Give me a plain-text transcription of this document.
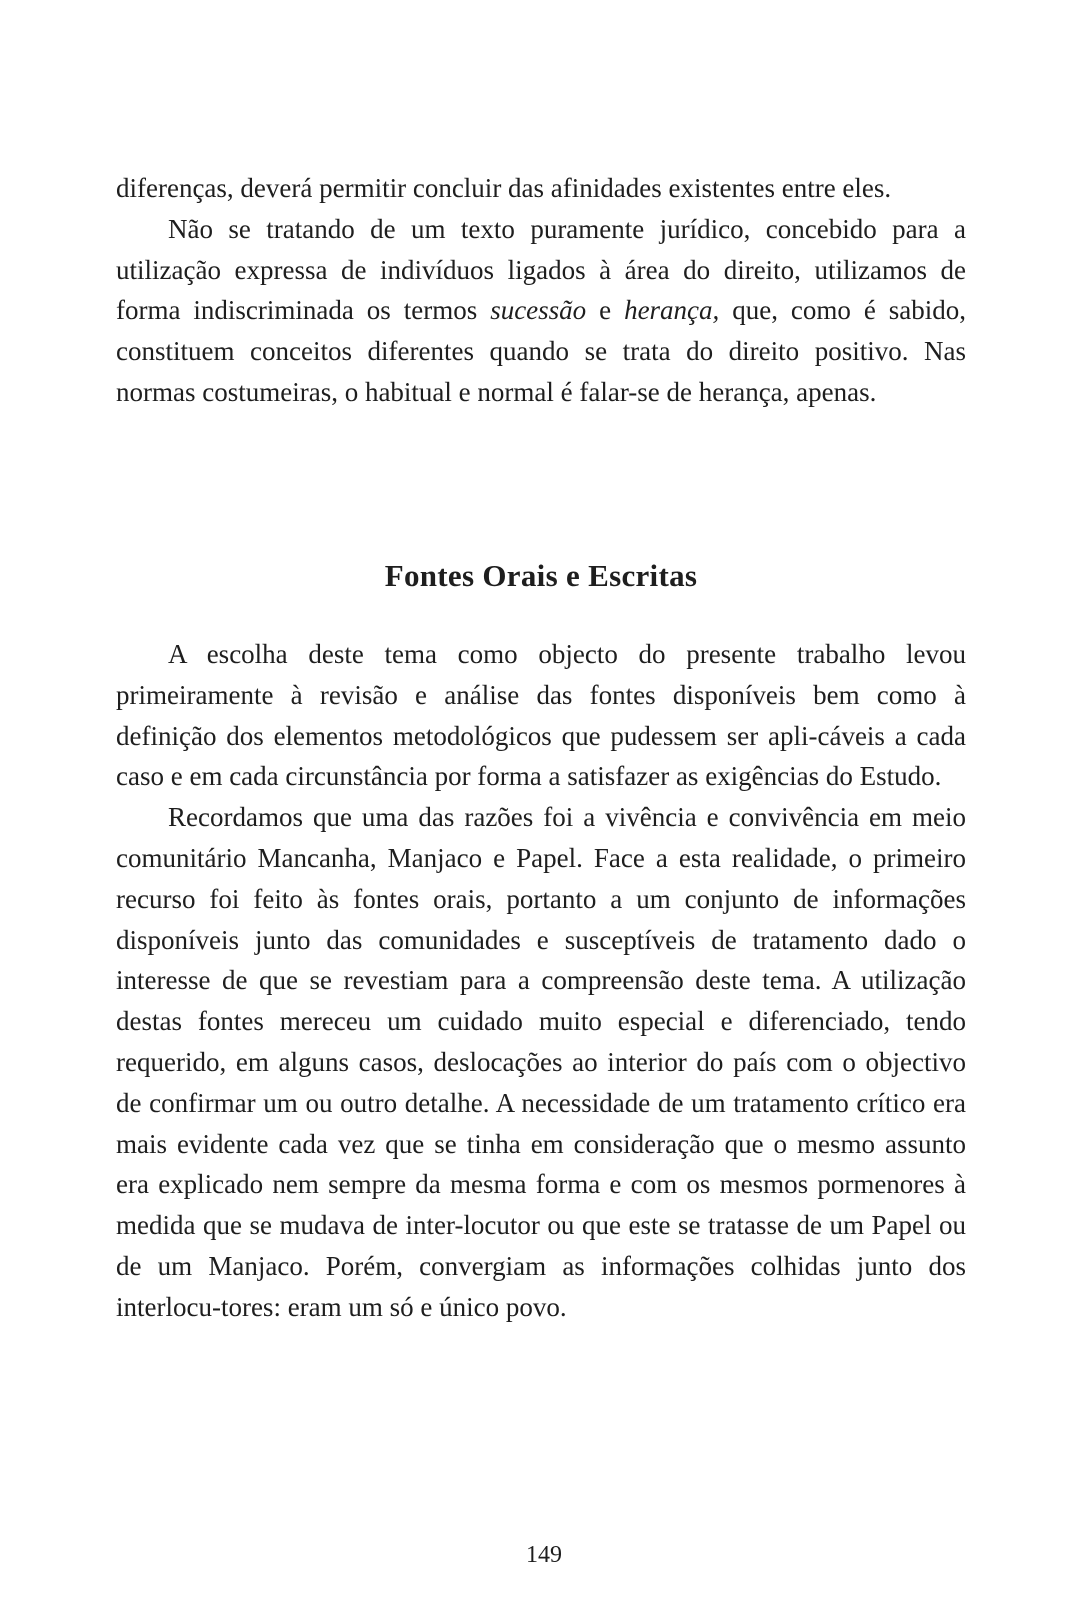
diferenças, deverá permitir concluir das afinidades existentes entre eles.

Não se tratando de um texto puramente jurídico, concebido para a utilização expressa de indivíduos ligados à área do direito, utilizamos de forma indiscriminada os termos sucessão e herança, que, como é sabido, constituem conceitos diferentes quando se trata do direito positivo. Nas normas costumeiras, o habitual e normal é falar-se de herança, apenas.

Fontes Orais e Escritas

A escolha deste tema como objecto do presente trabalho levou primeiramente à revisão e análise das fontes disponíveis bem como à definição dos elementos metodológicos que pudessem ser apli-cáveis a cada caso e em cada circunstância por forma a satisfazer as exigências do Estudo.

Recordamos que uma das razões foi a vivência e convivência em meio comunitário Mancanha, Manjaco e Papel. Face a esta realidade, o primeiro recurso foi feito às fontes orais, portanto a um conjunto de informações disponíveis junto das comunidades e susceptíveis de tratamento dado o interesse de que se revestiam para a compreensão deste tema. A utilização destas fontes mereceu um cuidado muito especial e diferenciado, tendo requerido, em alguns casos, deslocações ao interior do país com o objectivo de confirmar um ou outro detalhe. A necessidade de um tratamento crítico era mais evidente cada vez que se tinha em consideração que o mesmo assunto era explicado nem sempre da mesma forma e com os mesmos pormenores à medida que se mudava de inter-locutor ou que este se tratasse de um Papel ou de um Manjaco. Porém, convergiam as informações colhidas junto dos interlocu-tores: eram um só e único povo.

149
